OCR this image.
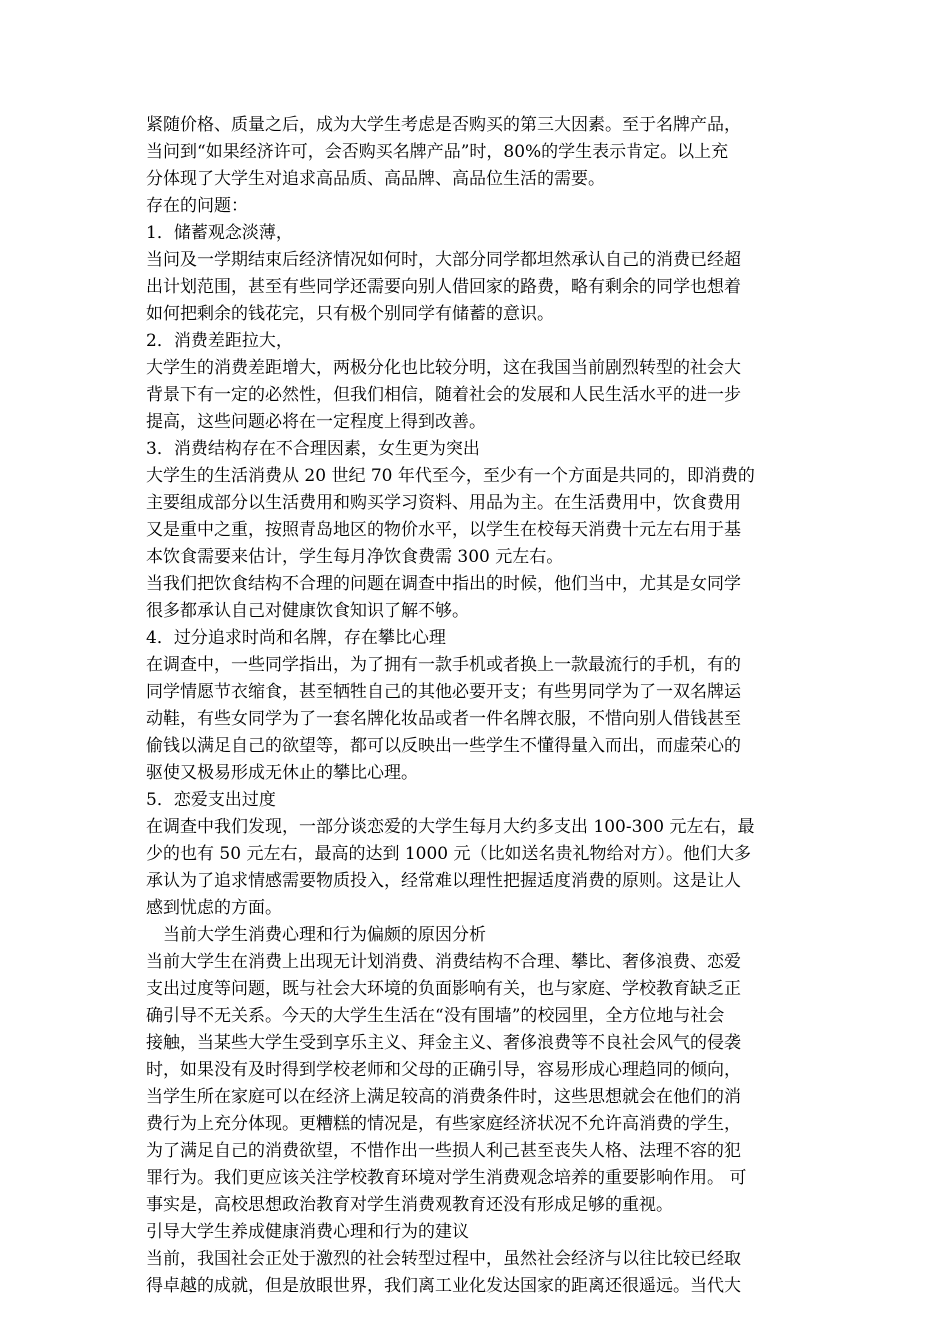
紧随价格、质量之后，成为大学生考虑是否购买的第三大因素。至于名牌产品，
当问到“如果经济许可，会否购买名牌产品”时，80%的学生表示肯定。以上充
分体现了大学生对追求高品质、高品牌、高品位生活的需要。
存在的问题：
1．储蓄观念淡薄，
当问及一学期结束后经济情况如何时，大部分同学都坦然承认自己的消费已经超
出计划范围，甚至有些同学还需要向别人借回家的路费，略有剩余的同学也想着
如何把剩余的钱花完，只有极个别同学有储蓄的意识。
2．消费差距拉大，
大学生的消费差距增大，两极分化也比较分明，这在我国当前剧烈转型的社会大
背景下有一定的必然性，但我们相信，随着社会的发展和人民生活水平的进一步
提高，这些问题必将在一定程度上得到改善。
3．消费结构存在不合理因素，女生更为突出
大学生的生活消费从 20 世纪 70 年代至今，至少有一个方面是共同的，即消费的
主要组成部分以生活费用和购买学习资料、用品为主。在生活费用中，饮食费用
又是重中之重，按照青岛地区的物价水平，以学生在校每天消费十元左右用于基
本饮食需要来估计，学生每月净饮食费需 300 元左右。
当我们把饮食结构不合理的问题在调查中指出的时候，他们当中，尤其是女同学
很多都承认自己对健康饮食知识了解不够。
4．过分追求时尚和名牌，存在攀比心理
在调查中，一些同学指出，为了拥有一款手机或者换上一款最流行的手机，有的
同学情愿节衣缩食，甚至牺牲自己的其他必要开支；有些男同学为了一双名牌运
动鞋，有些女同学为了一套名牌化妆品或者一件名牌衣服，不惜向别人借钱甚至
偷钱以满足自己的欲望等，都可以反映出一些学生不懂得量入而出，而虚荣心的
驱使又极易形成无休止的攀比心理。
5．恋爱支出过度
在调查中我们发现，一部分谈恋爱的大学生每月大约多支出 100-300 元左右，最
少的也有 50 元左右，最高的达到 1000 元（比如送名贵礼物给对方）。他们大多
承认为了追求情感需要物质投入，经常难以理性把握适度消费的原则。这是让人
感到忧虑的方面。
当前大学生消费心理和行为偏颇的原因分析
当前大学生在消费上出现无计划消费、消费结构不合理、攀比、奢侈浪费、恋爱
支出过度等问题，既与社会大环境的负面影响有关，也与家庭、学校教育缺乏正
确引导不无关系。今天的大学生生活在“没有围墙”的校园里，全方位地与社会
接触，当某些大学生受到享乐主义、拜金主义、奢侈浪费等不良社会风气的侵袭
时，如果没有及时得到学校老师和父母的正确引导，容易形成心理趋同的倾向，
当学生所在家庭可以在经济上满足较高的消费条件时，这些思想就会在他们的消
费行为上充分体现。更糟糕的情况是，有些家庭经济状况不允许高消费的学生，
为了满足自己的消费欲望，不惜作出一些损人利己甚至丧失人格、法理不容的犯
罪行为。我们更应该关注学校教育环境对学生消费观念培养的重要影响作用。 可
事实是，高校思想政治教育对学生消费观教育还没有形成足够的重视。
引导大学生养成健康消费心理和行为的建议
当前，我国社会正处于激烈的社会转型过程中，虽然社会经济与以往比较已经取
得卓越的成就，但是放眼世界，我们离工业化发达国家的距离还很遥远。当代大
